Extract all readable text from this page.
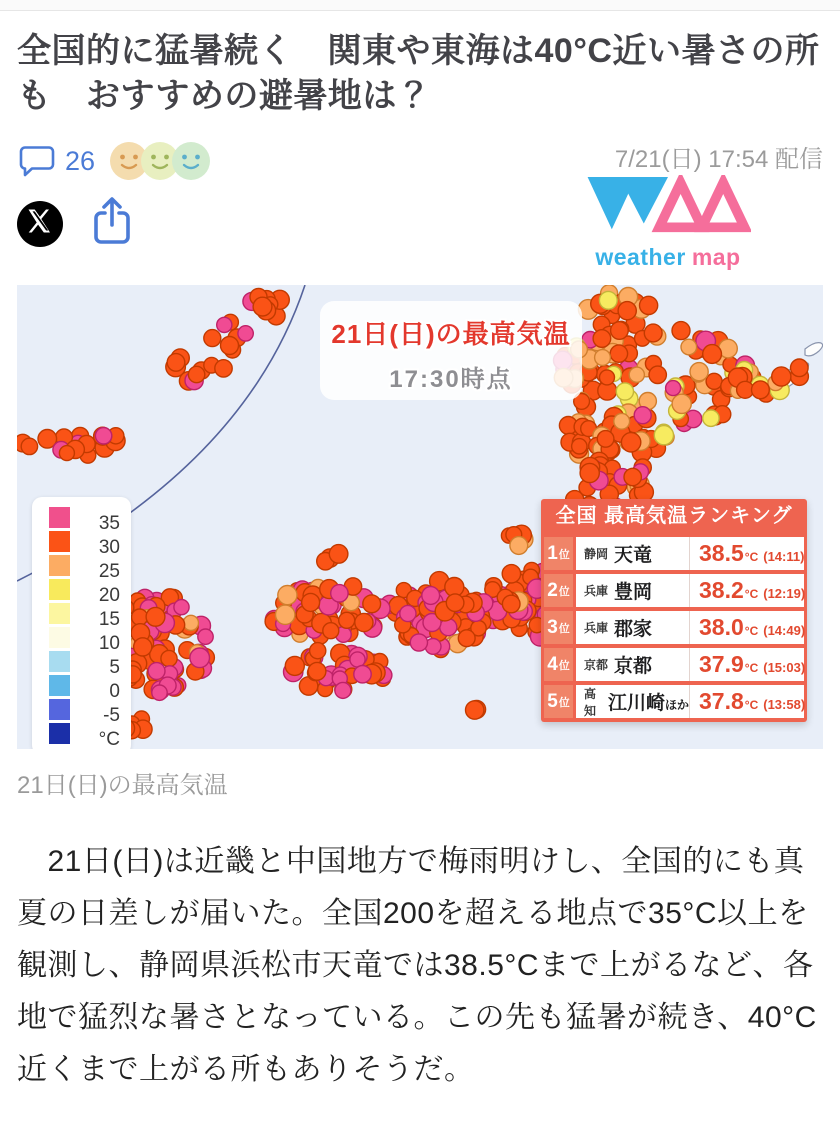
全国的に猛暑続く　関東や東海は40°C近い暑さの所も　おすすめの避暑地は？
26	7/21(日) 17:54 配信
weather map
21日(日)の最高気温
17:30時点
35
30
25
20
15
10
5
0
-5
°C
全国 最高気温ランキング
1 位 静岡 天竜 38.5 °C (14:11)
2 位 兵庫 豊岡 38.2 °C (12:19)
3 位 兵庫 郡家 38.0 °C (14:49)
4 位 京都 京都 37.9 °C (15:03)
5 位
高知 江川崎ほか 37.8 °C (13:58)
21日(日)の最高気温

　21日(日)は近畿と中国地方で梅雨明けし、全国的にも真夏の日差しが届いた。全国200を超える地点で35°C以上を観測し、静岡県浜松市天竜では38.5°Cまで上がるなど、各地で猛烈な暑さとなっている。この先も猛暑が続き、40°C近くまで上がる所もありそうだ。
